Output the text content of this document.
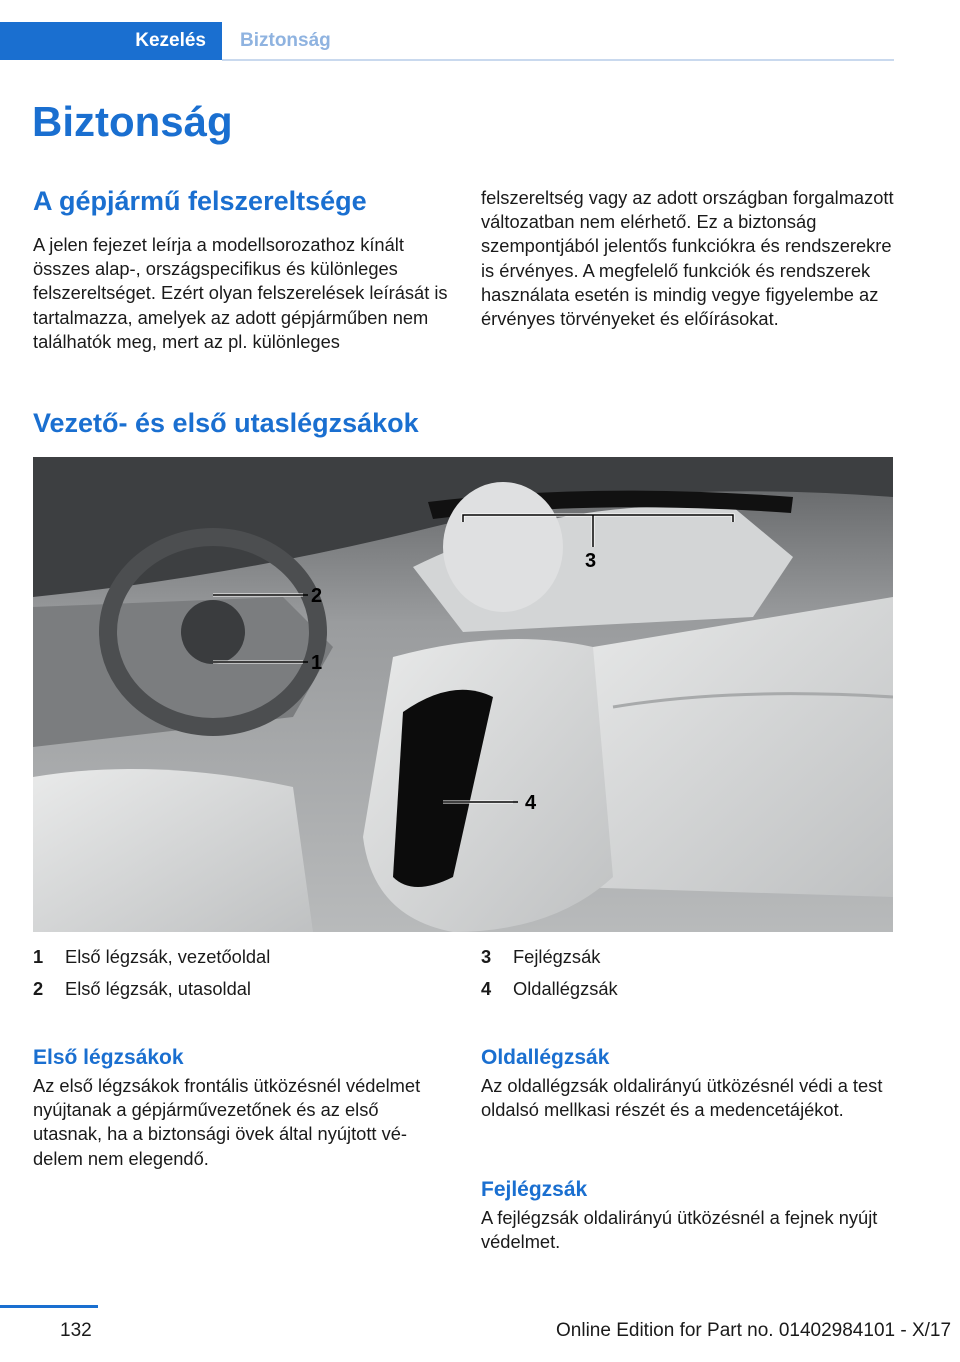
Kezelés	Biztonság
Biztonság
A gépjármű felszereltsége

A jelen fejezet leírja a modellsorozathoz kínált összes alap-, országspecifikus és különleges felszereltséget. Ezért olyan felszerelések leírását is tartalmazza, amelyek az adott gépjárműben nem találhatók meg, mert az pl. különleges

felszereltség vagy az adott országban forgalmazott változatban nem elérhető. Ez a biztonság szempontjából jelentős funkciókra és rendszerekre is érvényes. A megfelelő funkciók és rendszerek használata esetén is mindig vegye figyelembe az érvényes törvényeket és előírásokat.

Vezető- és első utaslégzsákok
1
2
3
4
1	Első légzsák, vezetőoldal
2	Első légzsák, utasoldal
3	Fejlégzsák
4	Oldallégzsák
Első légzsákok

Az első légzsákok frontális ütközésnél védelmet nyújtanak a gépjárművezetőnek és az első utasnak, ha a biztonsági övek által nyújtott védelem nem elegendő.

Oldallégzsák

Az oldallégzsák oldalirányú ütközésnél védi a test oldalsó mellkasi részét és a medencetájékot.

Fejlégzsák

A fejlégzsák oldalirányú ütközésnél a fejnek nyújt védelmet.

132	Online Edition for Part no. 01402984101 - X/17
